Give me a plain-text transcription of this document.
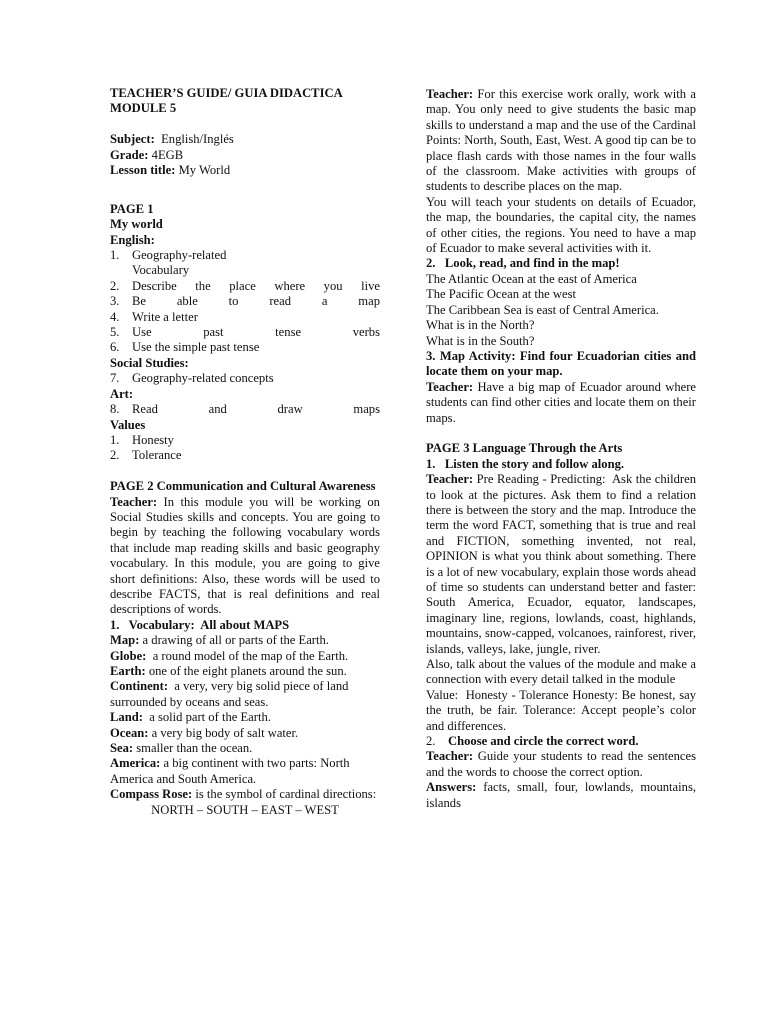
TEACHER’S GUIDE/ GUIA DIDACTICA

MODULE 5

Subject: English/Inglés

Grade: 4EGB

Lesson title: My World

PAGE 1

My world

English:

1. Geography-related Vocabulary
2. Describe the place where you live
3. Be able to read a map
4. Write a letter
5. Use past tense verbs
6. Use the simple past tense

Social Studies:

7. Geography-related concepts

Art:

8. Read and draw maps

Values

1. Honesty
2. Tolerance

PAGE 2 Communication and Cultural Awareness

Teacher: In this module you will be working on Social Studies skills and concepts. You are going to begin by teaching the following vocabulary words that include map reading skills and basic geography vocabulary. In this module, you are going to give short definitions: Also, these words will be used to describe FACTS, that is real definitions and real descriptions of words.

1.   Vocabulary:  All about MAPS

Map: a drawing of all or parts of the Earth.

Globe:  a round model of the map of the Earth.

Earth: one of the eight planets around the sun.

Continent:  a very, very big solid piece of land surrounded by oceans and seas.

Land:  a solid part of the Earth.

Ocean: a very big body of salt water.

Sea: smaller than the ocean.

America: a big continent with two parts: North America and South America.

Compass Rose: is the symbol of cardinal directions:

NORTH – SOUTH – EAST – WEST

Teacher: For this exercise work orally, work with a map. You only need to give students the basic map skills to understand a map and the use of the Cardinal Points: North, South, East, West. A good tip can be to place flash cards with those names in the four walls of the classroom. Make activities with groups of students to describe places on the map.

You will teach your students on details of Ecuador, the map, the boundaries, the capital city, the names of other cities, the regions. You need to have a map of Ecuador to make several activities with it.

2.   Look, read, and find in the map!

The Atlantic Ocean at the east of America

The Pacific Ocean at the west

The Caribbean Sea is east of Central America.

What is in the North?

What is in the South?

3. Map Activity: Find four Ecuadorian cities and locate them on your map.

Teacher: Have a big map of Ecuador around where students can find other cities and locate them on their maps.

PAGE 3 Language Through the Arts

1.   Listen the story and follow along.

Teacher: Pre Reading - Predicting:  Ask the children to look at the pictures. Ask them to find a relation there is between the story and the map. Introduce the term the word FACT, something that is true and real and FICTION, something invented, not real, OPINION is what you think about something. There is a lot of new vocabulary, explain those words ahead of time so students can understand better and faster: South America, Ecuador, equator, landscapes, imaginary line, regions, lowlands, coast, highlands, mountains, snow-capped, volcanoes, rainforest, river, islands, valleys, lake, jungle, river.

Also, talk about the values of the module and make a connection with every detail talked in the module

Value:  Honesty - Tolerance Honesty: Be honest, say the truth, be fair. Tolerance: Accept people’s color and differences.

2. Choose and circle the correct word.

Teacher: Guide your students to read the sentences and the words to choose the correct option.

Answers: facts, small, four, lowlands, mountains, islands
